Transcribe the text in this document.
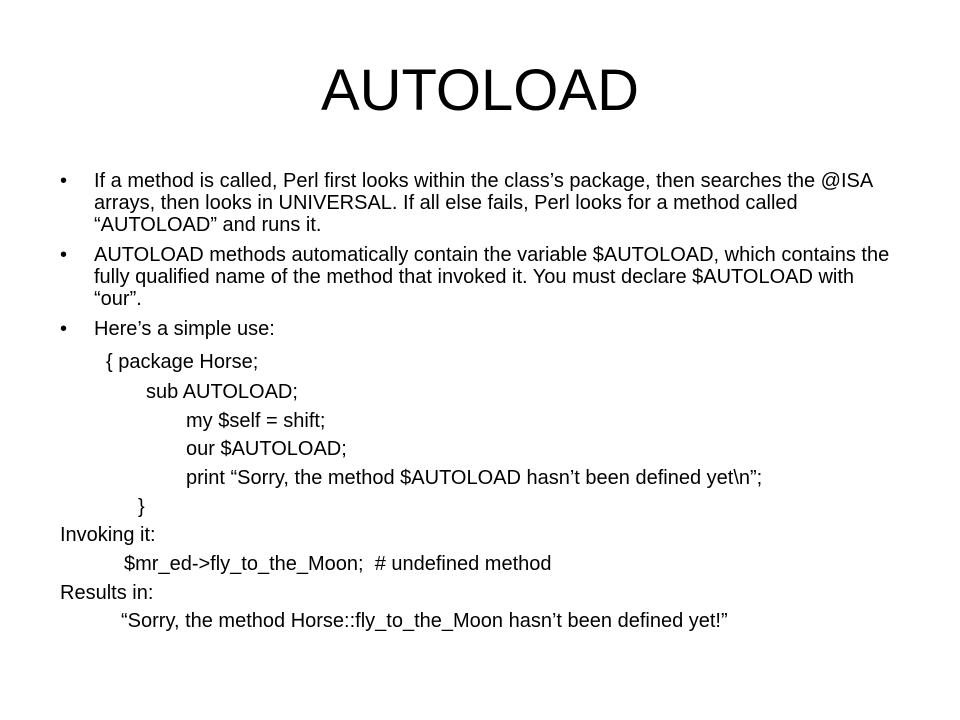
AUTOLOAD
• If a method is called, Perl first looks within the class’s package, then searches the @ISA arrays, then looks in UNIVERSAL. If all else fails, Perl looks for a method called “AUTOLOAD” and runs it.
• AUTOLOAD methods automatically contain the variable $AUTOLOAD, which contains the fully qualified name of the method that invoked it. You must declare $AUTOLOAD with “our”.
• Here’s a simple use:
{ package Horse;
sub AUTOLOAD;
my $self = shift;
our $AUTOLOAD;
print “Sorry, the method $AUTOLOAD hasn’t been defined yet\n”;
}
Invoking it:
$mr_ed->fly_to_the_Moon;  # undefined method
Results in:
“Sorry, the method Horse::fly_to_the_Moon hasn’t been defined yet!”
